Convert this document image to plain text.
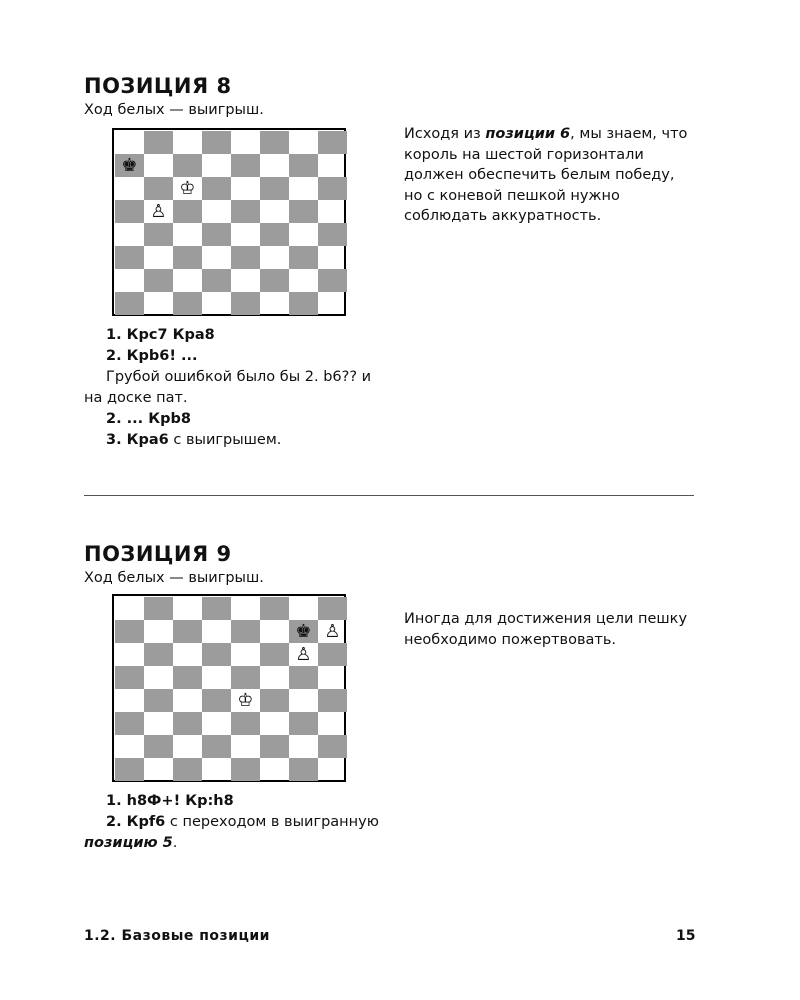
ПОЗИЦИЯ 8
Ход белых — выигрыш.
♚
♔
♙
Исходя из позиции 6, мы знаем, что король на шестой горизонтали должен обеспечить белым победу, но с коневой пешкой нужно соблюдать аккуратность.
1. Крс7 Кра8
2. Крb6! ...
Грубой ошибкой было бы 2. b6?? и на доске пат.
2. ... Крb8
3. Кра6 с выигрышем.
ПОЗИЦИЯ 9
Ход белых — выигрыш.
♚ ♙
♙
♔
Иногда для достижения цели пешку необходимо пожертвовать.
1. h8Ф+! Кр:h8
2. Крf6 с переходом в выигранную позицию 5.
1.2. Базовые позиции	15
